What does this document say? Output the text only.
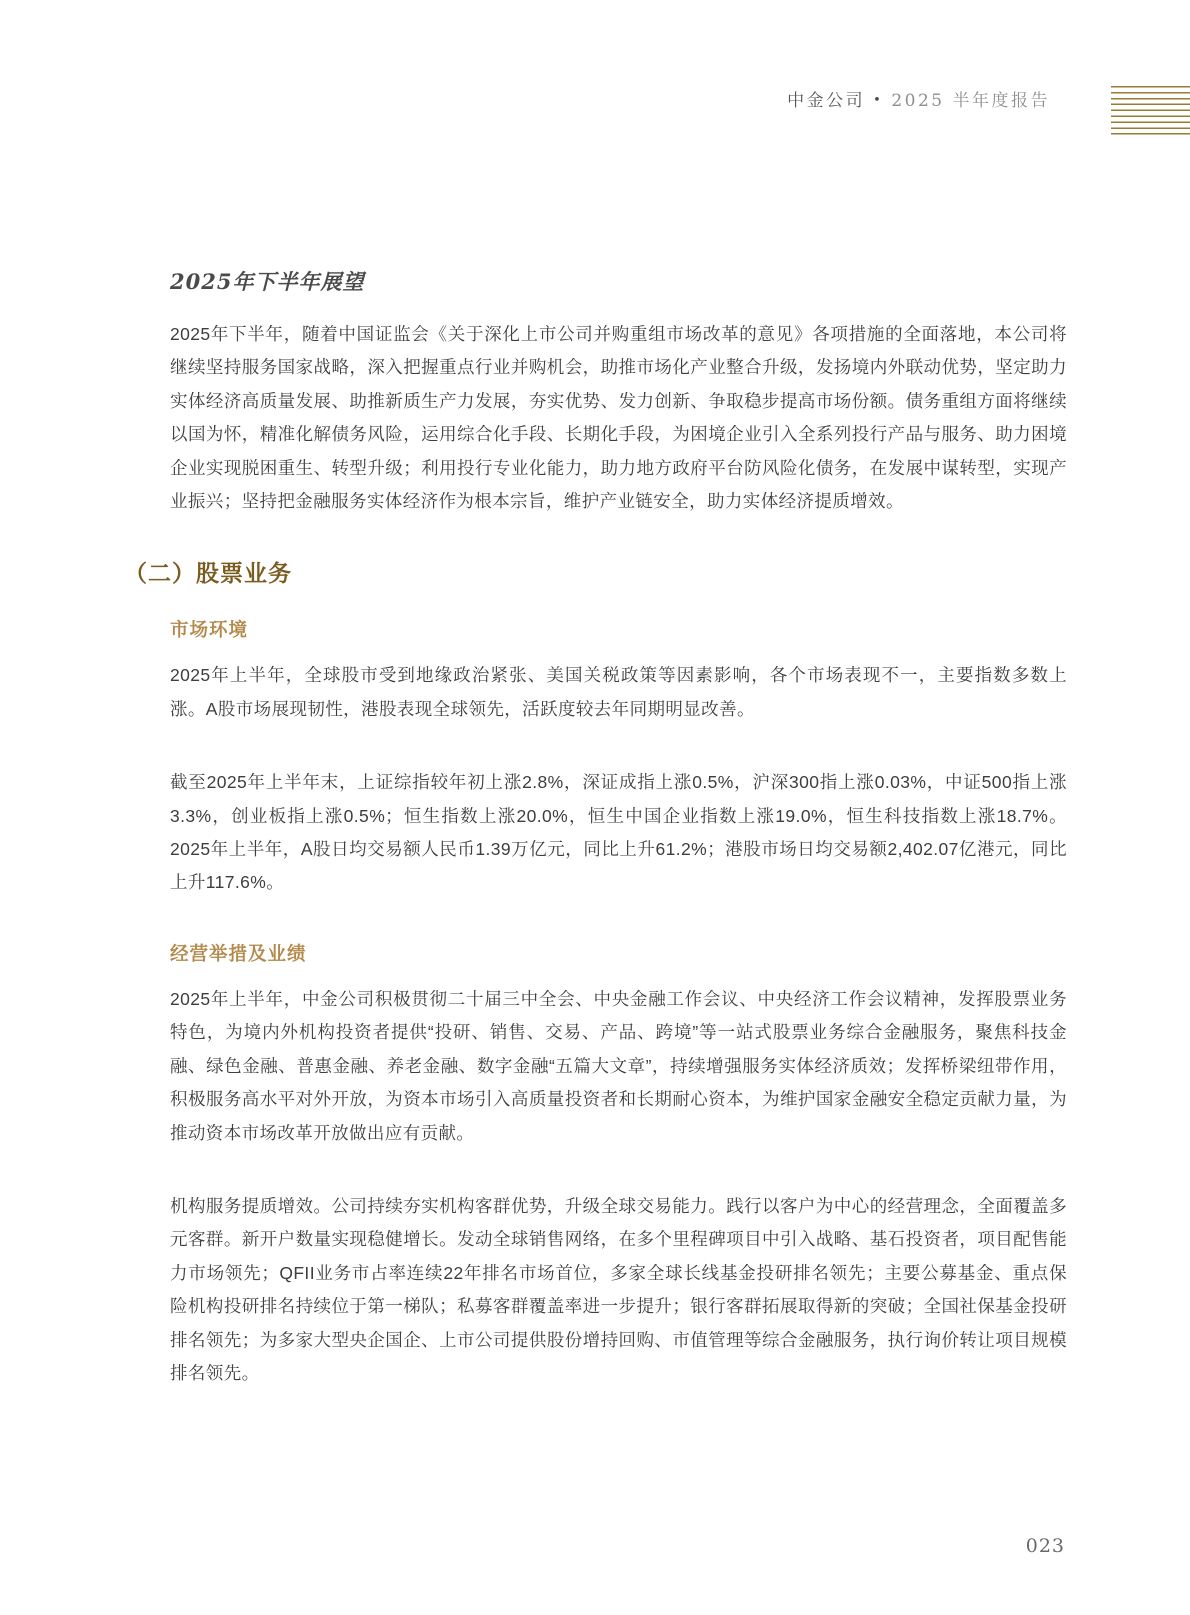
中金公司 • 2025 半年度报告
2025年下半年展望

2025年下半年，随着中国证监会《关于深化上市公司并购重组市场改革的意见》各项措施的全面落地，本公司将继续坚持服务国家战略，深入把握重点行业并购机会，助推市场化产业整合升级，发扬境内外联动优势，坚定助力实体经济高质量发展、助推新质生产力发展，夯实优势、发力创新、争取稳步提高市场份额。债务重组方面将继续以国为怀，精准化解债务风险，运用综合化手段、长期化手段，为困境企业引入全系列投行产品与服务、助力困境企业实现脱困重生、转型升级；利用投行专业化能力，助力地方政府平台防风险化债务，在发展中谋转型，实现产业振兴；坚持把金融服务实体经济作为根本宗旨，维护产业链安全，助力实体经济提质增效。

（二）股票业务
市场环境

2025年上半年，全球股市受到地缘政治紧张、美国关税政策等因素影响，各个市场表现不一，主要指数多数上涨。A股市场展现韧性，港股表现全球领先，活跃度较去年同期明显改善。

截至2025年上半年末，上证综指较年初上涨2.8%，深证成指上涨0.5%，沪深300指上涨0.03%，中证500指上涨3.3%，创业板指上涨0.5%；恒生指数上涨20.0%，恒生中国企业指数上涨19.0%，恒生科技指数上涨18.7%。2025年上半年，A股日均交易额人民币1.39万亿元，同比上升61.2%；港股市场日均交易额2,402.07亿港元，同比上升117.6%。

经营举措及业绩

2025年上半年，中金公司积极贯彻二十届三中全会、中央金融工作会议、中央经济工作会议精神，发挥股票业务特色，为境内外机构投资者提供“投研、销售、交易、产品、跨境”等一站式股票业务综合金融服务，聚焦科技金融、绿色金融、普惠金融、养老金融、数字金融“五篇大文章”，持续增强服务实体经济质效；发挥桥梁纽带作用，积极服务高水平对外开放，为资本市场引入高质量投资者和长期耐心资本，为维护国家金融安全稳定贡献力量，为推动资本市场改革开放做出应有贡献。

机构服务提质增效。公司持续夯实机构客群优势，升级全球交易能力。践行以客户为中心的经营理念，全面覆盖多元客群。新开户数量实现稳健增长。发动全球销售网络，在多个里程碑项目中引入战略、基石投资者，项目配售能力市场领先；QFII业务市占率连续22年排名市场首位，多家全球长线基金投研排名领先；主要公募基金、重点保险机构投研排名持续位于第一梯队；私募客群覆盖率进一步提升；银行客群拓展取得新的突破；全国社保基金投研排名领先；为多家大型央企国企、上市公司提供股份增持回购、市值管理等综合金融服务，执行询价转让项目规模排名领先。

023
